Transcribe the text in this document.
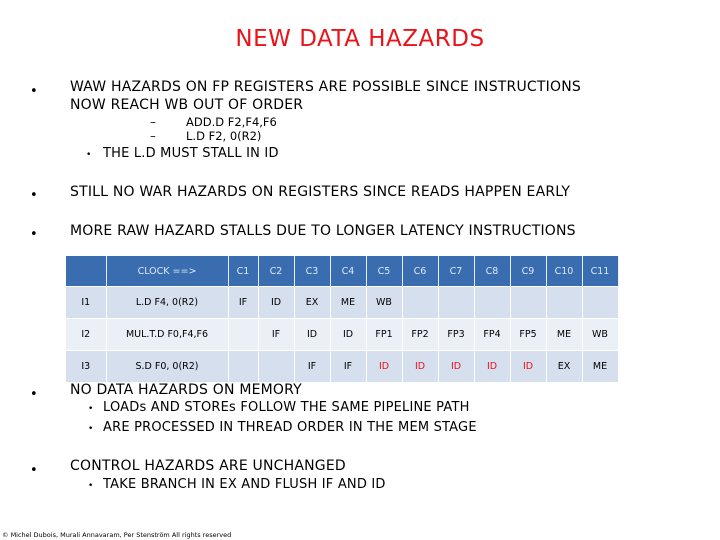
NEW DATA HAZARDS
• WAW HAZARDS ON FP REGISTERS ARE POSSIBLE SINCE INSTRUCTIONS
NOW REACH WB OUT OF ORDER
–	ADD.D F2,F4,F6
–	L.D F2, 0(R2)
• THE L.D MUST STALL IN ID
• STILL NO WAR HAZARDS ON REGISTERS SINCE READS HAPPEN EARLY
• MORE RAW HAZARD STALLS DUE TO LONGER LATENCY INSTRUCTIONS
	CLOCK ==>	C1	C2	C3	C4	C5	C6	C7	C8	C9	C10	C11
I1	L.D F4, 0(R2)	IF	ID	EX	ME	WB						
I2	MUL.T.D F0,F4,F6		IF	ID	ID	FP1	FP2	FP3	FP4	FP5	ME	WB
I3	S.D F0, 0(R2)			IF	IF	ID	ID	ID	ID	ID	EX	ME
• NO DATA HAZARDS ON MEMORY
• LOADs AND STOREs FOLLOW THE SAME PIPELINE PATH
• ARE PROCESSED IN THREAD ORDER IN THE MEM STAGE
• CONTROL HAZARDS ARE UNCHANGED
• TAKE BRANCH IN EX AND FLUSH IF AND ID
© Michel Dubois, Murali Annavaram, Per Stenström All rights reserved
